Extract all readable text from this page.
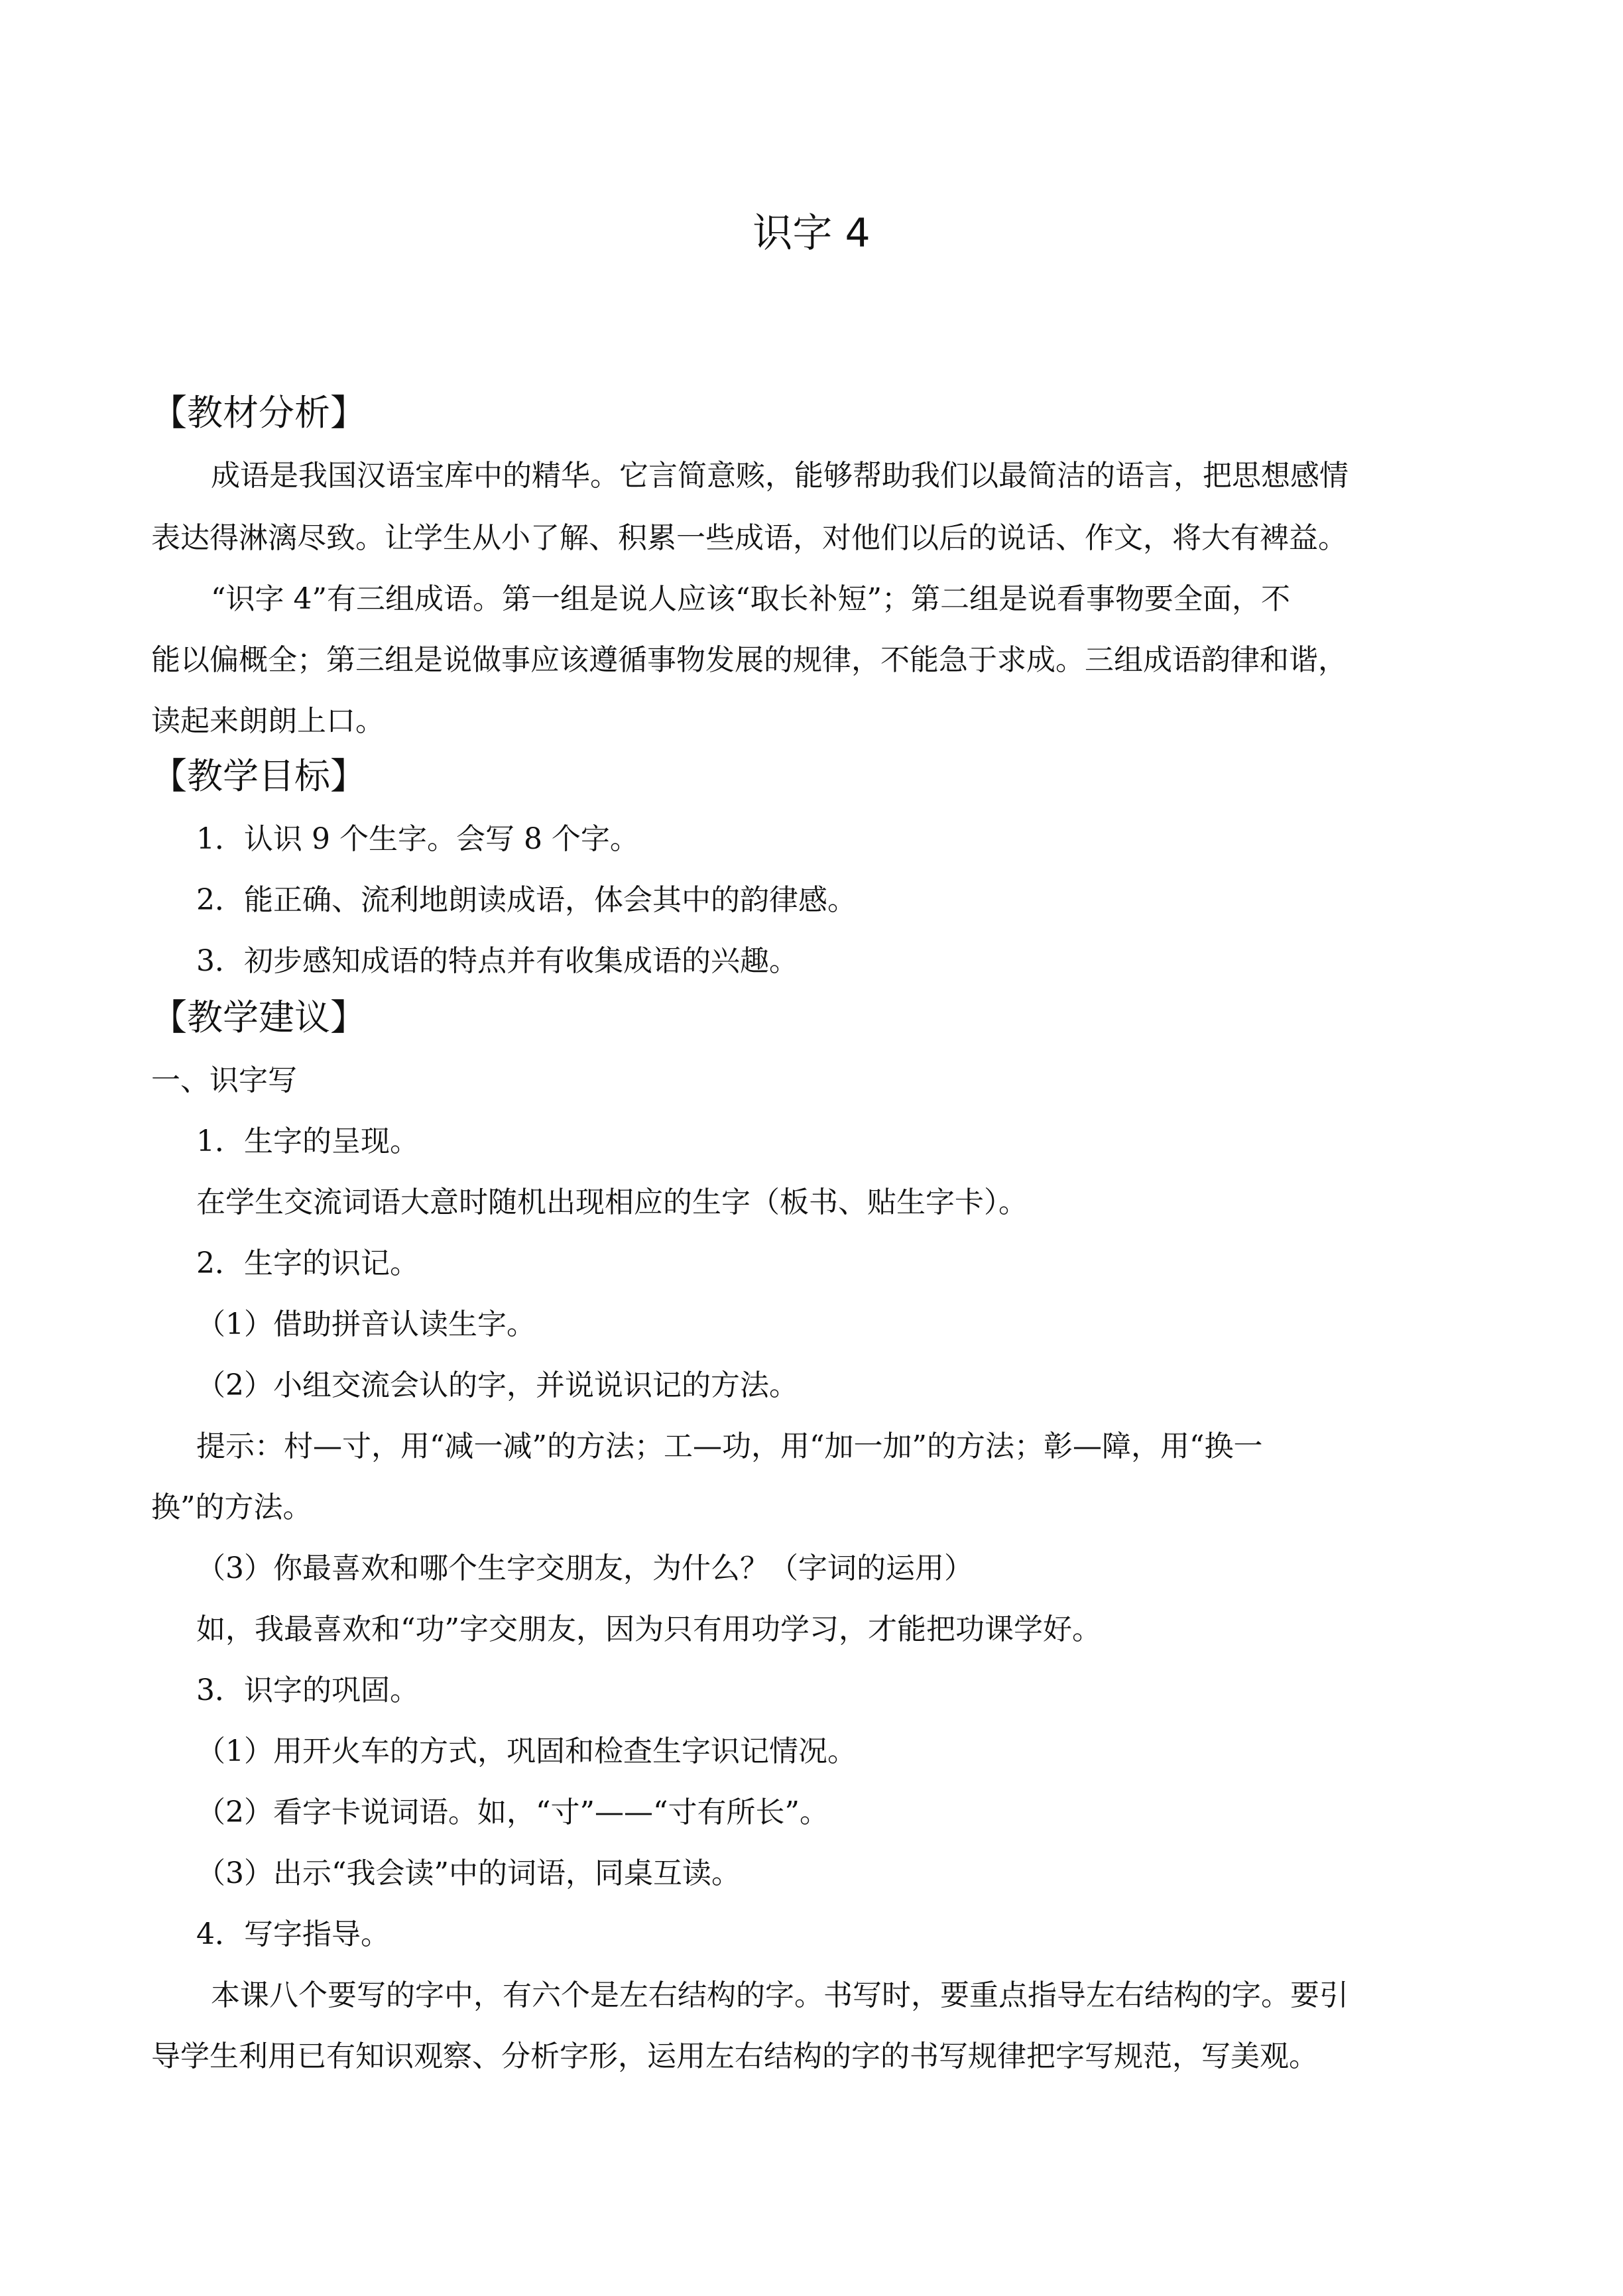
识字 4
【教材分析】
成语是我国汉语宝库中的精华。它言简意赅，能够帮助我们以最简洁的语言，把思想感情
表达得淋漓尽致。让学生从小了解、积累一些成语，对他们以后的说话、作文，将大有裨益。
“识字 4”有三组成语。第一组是说人应该“取长补短”；第二组是说看事物要全面，不
能以偏概全；第三组是说做事应该遵循事物发展的规律，不能急于求成。三组成语韵律和谐，
读起来朗朗上口。
【教学目标】
1．认识 9 个生字。会写 8 个字。
2．能正确、流利地朗读成语，体会其中的韵律感。
3．初步感知成语的特点并有收集成语的兴趣。
【教学建议】
一、识字写
1．生字的呈现。
在学生交流词语大意时随机出现相应的生字（板书、贴生字卡）。
2．生字的识记。
（1）借助拼音认读生字。
（2）小组交流会认的字，并说说识记的方法。
提示：村—寸，用“减一减”的方法；工—功，用“加一加”的方法；彰—障，用“换一
换”的方法。
（3）你最喜欢和哪个生字交朋友，为什么？（字词的运用）
如，我最喜欢和“功”字交朋友，因为只有用功学习，才能把功课学好。
3．识字的巩固。
（1）用开火车的方式，巩固和检查生字识记情况。
（2）看字卡说词语。如，“寸”——“寸有所长”。
（3）出示“我会读”中的词语，同桌互读。
4．写字指导。
本课八个要写的字中，有六个是左右结构的字。书写时，要重点指导左右结构的字。要引
导学生利用已有知识观察、分析字形，运用左右结构的字的书写规律把字写规范，写美观。
